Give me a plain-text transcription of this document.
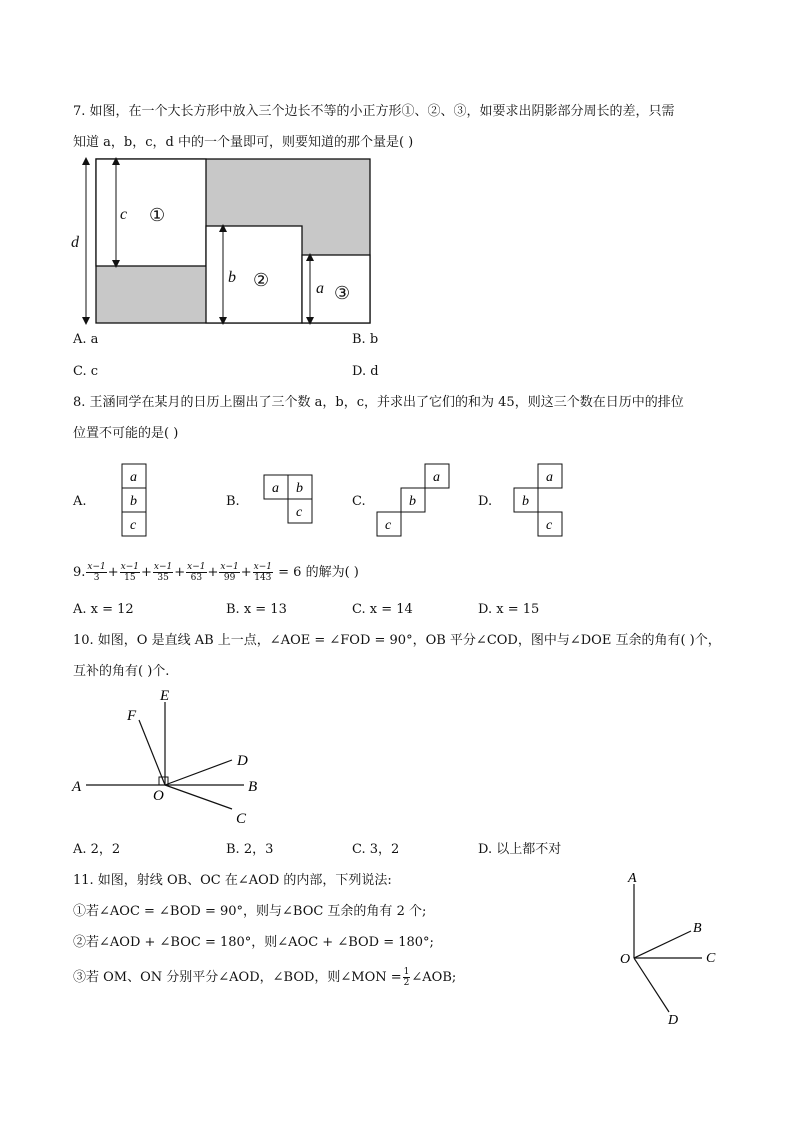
7. 如图，在一个大长方形中放入三个边长不等的小正方形①、②、③，如要求出阴影部分周长的差，只需
知道 a，b，c，d 中的一个量即可，则要知道的那个量是( )
d
c
b
a
①
②
③
A. a	B. b
C. c	D. d
8. 王涵同学在某月的日历上圈出了三个数 a，b，c，并求出了它们的和为 45，则这三个数在日历中的排位
位置不可能的是( )
A.	B.	C.	D.
a
b
c
a b
c
a
b
c
a
b
c
9. $\frac{x-1}{3} + \frac{x-1}{15} + \frac{x-1}{35} + \frac{x-1}{63} + \frac{x-1}{99} + \frac{x-1}{143} = 6$ 的解为( )
A. x = 12	B. x = 13	C. x = 14	D. x = 15
10. 如图，O 是直线 AB 上一点，∠AOE = ∠FOD = 90°，OB 平分∠COD，图中与∠DOE 互余的角有( )个，
互补的角有( )个.
A	B
C
D
E
F
O
A. 2，2	B. 2，3	C. 3，2	D. 以上都不对
11. 如图，射线 OB、OC 在∠AOD 的内部，下列说法:
①若∠AOC = ∠BOD = 90°，则与∠BOC 互余的角有 2 个;
②若∠AOD + ∠BOC = 180°，则∠AOC + ∠BOD = 180°;
③若 OM、ON 分别平分∠AOD，∠BOD，则∠MON = $\frac{1}{2}$ ∠AOB;
A
B
C
D
O
